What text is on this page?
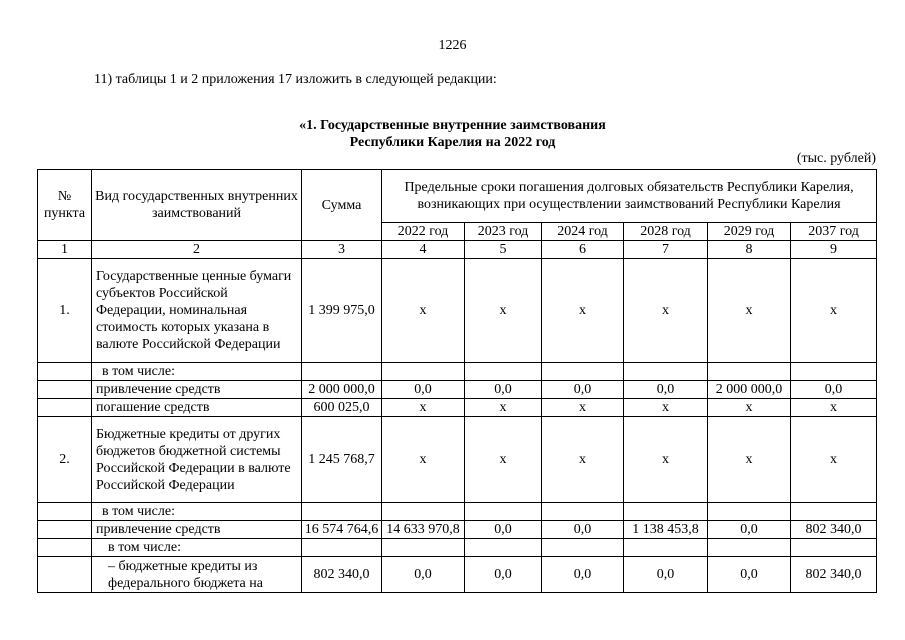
1226
11) таблицы 1 и 2 приложения 17 изложить в следующей редакции:
«1. Государственные внутренние заимствования
Республики Карелия на 2022 год
(тыс. рублей)
№ пункта	Вид государственных внутренних заимствований	Сумма	Предельные сроки погашения долговых обязательств Республики Карелия, возникающих при осуществлении заимствований Республики Карелия					
			2022 год	2023 год	2024 год	2028 год	2029 год	2037 год
1	2	3	4	5	6	7	8	9
1.	Государственные ценные бумаги субъектов Российской Федерации, номинальная стоимость которых указана в валюте Российской Федерации	1 399 975,0	x	x	x	x	x	x
	в том числе:							
	привлечение средств	2 000 000,0	0,0	0,0	0,0	0,0	2 000 000,0	0,0
	погашение средств	600 025,0	x	x	x	x	x	x
2.	Бюджетные кредиты от других бюджетов бюджетной системы Российской Федерации в валюте Российской Федерации	1 245 768,7	x	x	x	x	x	x
	в том числе:							
	привлечение средств	16 574 764,6	14 633 970,8	0,0	0,0	1 138 453,8	0,0	802 340,0
	в том числе:							
	– бюджетные кредиты из федерального бюджета на	802 340,0	0,0	0,0	0,0	0,0	0,0	802 340,0
